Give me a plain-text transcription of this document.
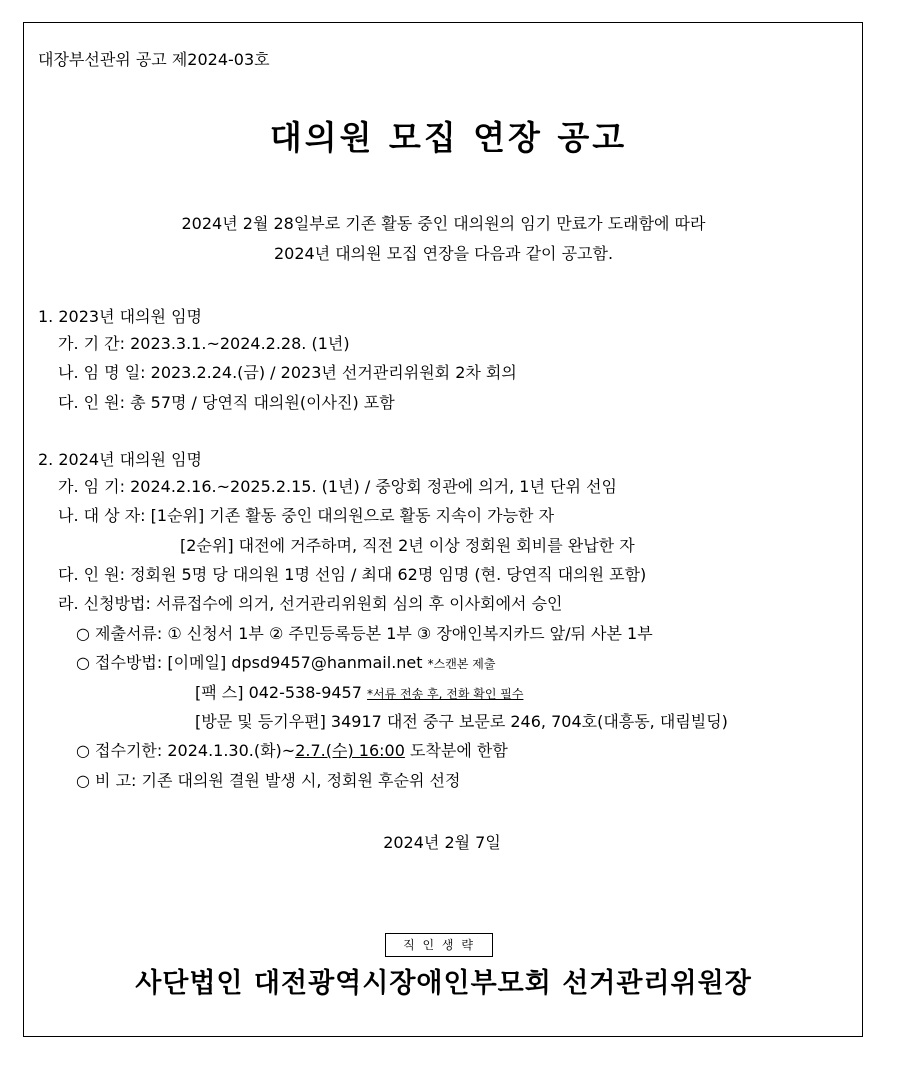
대장부선관위 공고 제2024-03호
대의원 모집 연장 공고
2024년 2월 28일부로 기존 활동 중인 대의원의 임기 만료가 도래함에 따라
2024년 대의원 모집 연장을 다음과 같이 공고함.
1. 2023년 대의원 임명
가. 기 간: 2023.3.1.~2024.2.28. (1년)
나. 임 명 일: 2023.2.24.(금) / 2023년 선거관리위원회 2차 회의
다. 인 원: 총 57명 / 당연직 대의원(이사진) 포함
2. 2024년 대의원 임명
가. 임 기: 2024.2.16.~2025.2.15. (1년) / 중앙회 정관에 의거, 1년 단위 선임
나. 대 상 자: [1순위] 기존 활동 중인 대의원으로 활동 지속이 가능한 자
[2순위] 대전에 거주하며, 직전 2년 이상 정회원 회비를 완납한 자
다. 인 원: 정회원 5명 당 대의원 1명 선임 / 최대 62명 임명 (현. 당연직 대의원 포함)
라. 신청방법: 서류접수에 의거, 선거관리위원회 심의 후 이사회에서 승인
○ 제출서류: ① 신청서 1부 ② 주민등록등본 1부 ③ 장애인복지카드 앞/뒤 사본 1부
○ 접수방법: [이메일] dpsd9457@hanmail.net *스캔본 제출
[팩 스] 042-538-9457 *서류 전송 후, 전화 확인 필수
[방문 및 등기우편] 34917 대전 중구 보문로 246, 704호(대흥동, 대림빌딩)
○ 접수기한: 2024.1.30.(화)~2.7.(수) 16:00 도착분에 한함
○ 비 고: 기존 대의원 결원 발생 시, 정회원 후순위 선정
2024년 2월 7일
직 인 생 략
사단법인 대전광역시장애인부모회 선거관리위원장
